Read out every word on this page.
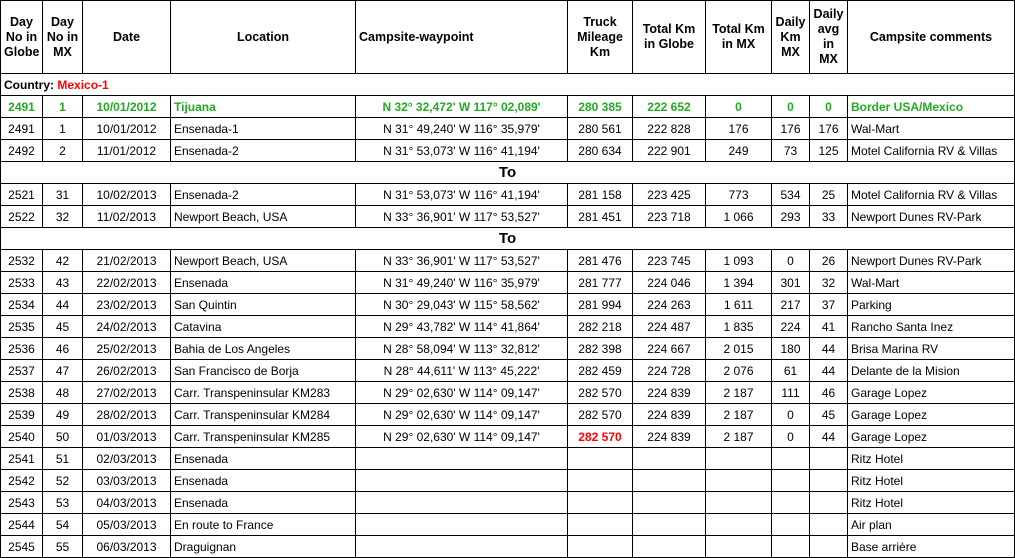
Day No in Globe	Day No in MX	Date	Location	Campsite-waypoint	Truck Mileage Km	Total Km in Globe	Total Km in MX	Daily Km MX	Daily avg in MX	Campsite comments
Country: Mexico-1										
2491	1	10/01/2012	Tijuana	N 32° 32,472' W 117° 02,089'	280 385	222 652	0	0	0	Border USA/Mexico
2491	1	10/01/2012	Ensenada-1	N 31° 49,240' W 116° 35,979'	280 561	222 828	176	176	176	Wal-Mart
2492	2	11/01/2012	Ensenada-2	N 31° 53,073' W 116° 41,194'	280 634	222 901	249	73	125	Motel California RV & Villas
To										
2521	31	10/02/2013	Ensenada-2	N 31° 53,073' W 116° 41,194'	281 158	223 425	773	534	25	Motel California RV & Villas
2522	32	11/02/2013	Newport Beach, USA	N 33° 36,901' W 117° 53,527'	281 451	223 718	1 066	293	33	Newport Dunes RV-Park
To										
2532	42	21/02/2013	Newport Beach, USA	N 33° 36,901' W 117° 53,527'	281 476	223 745	1 093	0	26	Newport Dunes RV-Park
2533	43	22/02/2013	Ensenada	N 31° 49,240' W 116° 35,979'	281 777	224 046	1 394	301	32	Wal-Mart
2534	44	23/02/2013	San Quintin	N 30° 29,043' W 115° 58,562'	281 994	224 263	1 611	217	37	Parking
2535	45	24/02/2013	Catavina	N 29° 43,782' W 114° 41,864'	282 218	224 487	1 835	224	41	Rancho Santa Inez
2536	46	25/02/2013	Bahia de Los Angeles	N 28° 58,094' W 113° 32,812'	282 398	224 667	2 015	180	44	Brisa Marina RV
2537	47	26/02/2013	San Francisco de Borja	N 28° 44,611' W 113° 45,222'	282 459	224 728	2 076	61	44	Delante de la Mision
2538	48	27/02/2013	Carr. Transpeninsular KM283	N 29° 02,630' W 114° 09,147'	282 570	224 839	2 187	111	46	Garage Lopez
2539	49	28/02/2013	Carr. Transpeninsular KM284	N 29° 02,630' W 114° 09,147'	282 570	224 839	2 187	0	45	Garage Lopez
2540	50	01/03/2013	Carr. Transpeninsular KM285	N 29° 02,630' W 114° 09,147'	282 570	224 839	2 187	0	44	Garage Lopez
2541	51	02/03/2013	Ensenada							Ritz Hotel
2542	52	03/03/2013	Ensenada							Ritz Hotel
2543	53	04/03/2013	Ensenada							Ritz Hotel
2544	54	05/03/2013	En route to France							Air plan
2545	55	06/03/2013	Draguignan							Base arrière
